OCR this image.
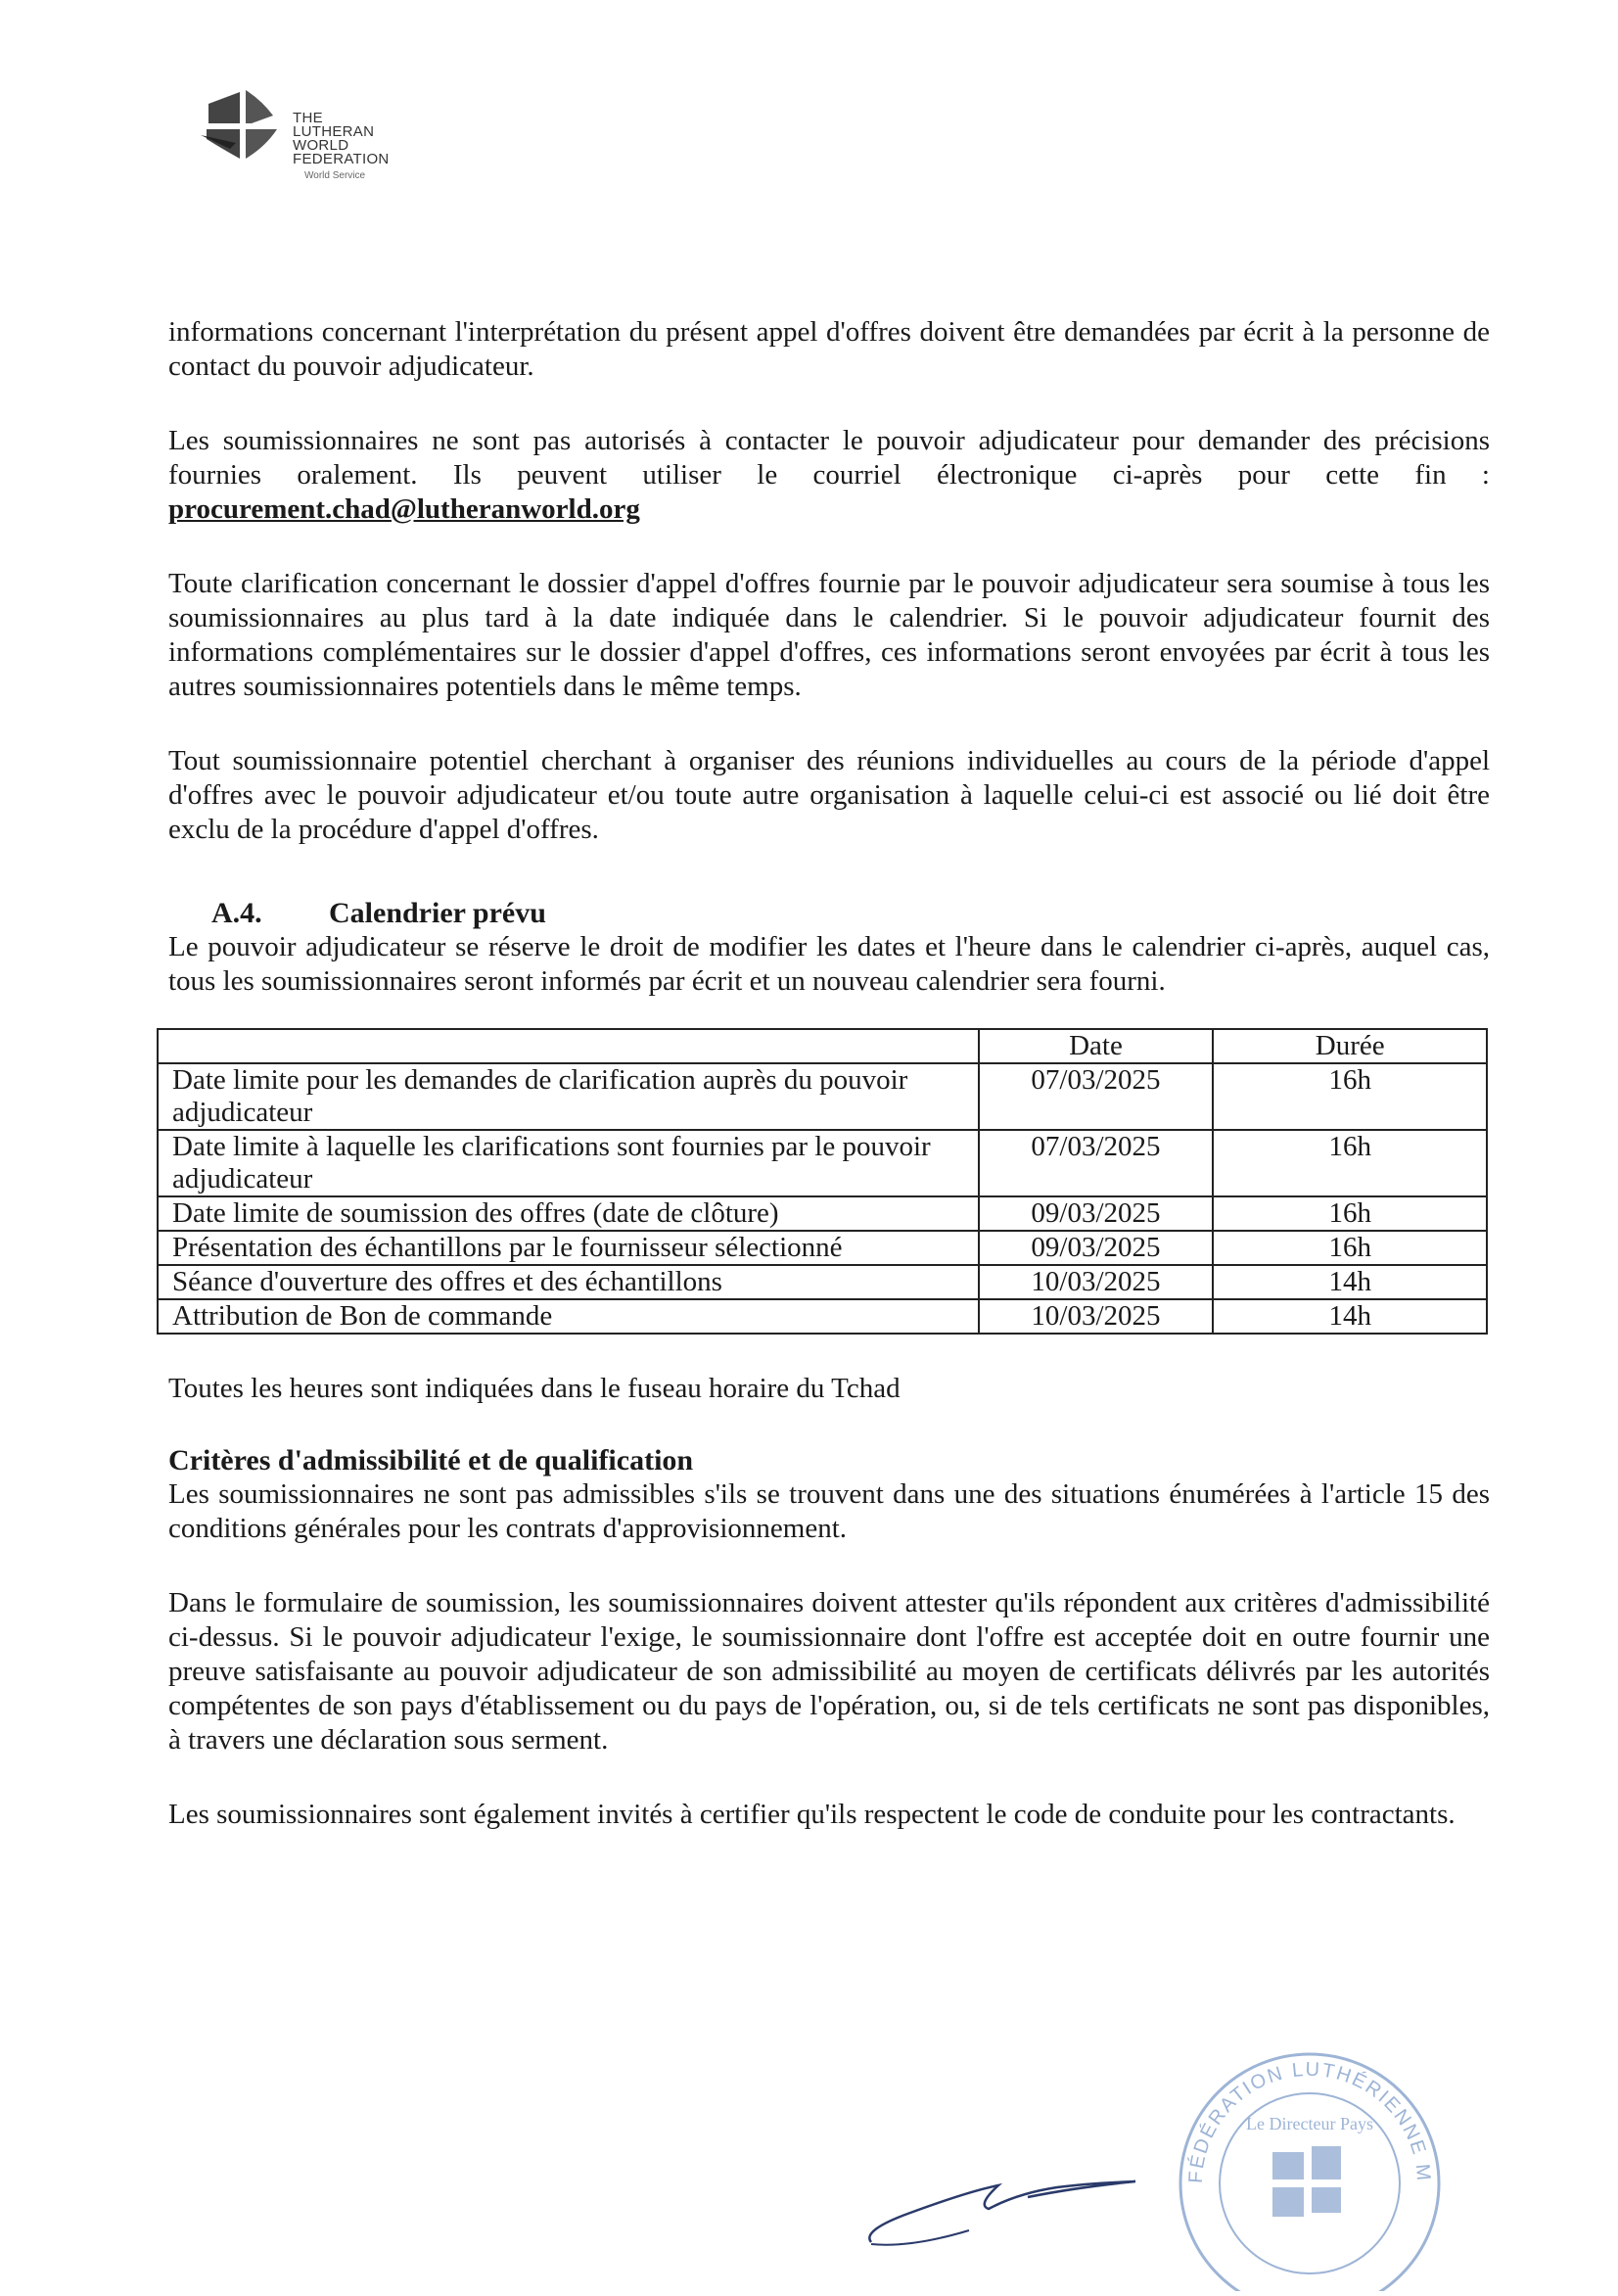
THE
LUTHERAN
WORLD
FEDERATION
World Service

informations concernant l'interprétation du présent appel d'offres doivent être demandées par écrit à la personne de contact du pouvoir adjudicateur.

Les soumissionnaires ne sont pas autorisés à contacter le pouvoir adjudicateur pour demander des précisions fournies oralement. Ils peuvent utiliser le courriel électronique ci-après pour cette fin : procurement.chad@lutheranworld.org

Toute clarification concernant le dossier d'appel d'offres fournie par le pouvoir adjudicateur sera soumise à tous les soumissionnaires au plus tard à la date indiquée dans le calendrier. Si le pouvoir adjudicateur fournit des informations complémentaires sur le dossier d'appel d'offres, ces informations seront envoyées par écrit à tous les autres soumissionnaires potentiels dans le même temps.

Tout soumissionnaire potentiel cherchant à organiser des réunions individuelles au cours de la période d'appel d'offres avec le pouvoir adjudicateur et/ou toute autre organisation à laquelle celui-ci est associé ou lié doit être exclu de la procédure d'appel d'offres.

A.4. Calendrier prévu

Le pouvoir adjudicateur se réserve le droit de modifier les dates et l'heure dans le calendrier ci-après, auquel cas, tous les soumissionnaires seront informés par écrit et un nouveau calendrier sera fourni.

	Date	Durée
Date limite pour les demandes de clarification auprès du pouvoir adjudicateur	07/03/2025	16h
Date limite à laquelle les clarifications sont fournies par le pouvoir adjudicateur	07/03/2025	16h
Date limite de soumission des offres (date de clôture)	09/03/2025	16h
Présentation des échantillons par le fournisseur sélectionné	09/03/2025	16h
Séance d'ouverture des offres et des échantillons	10/03/2025	14h
Attribution de Bon de commande	10/03/2025	14h

Toutes les heures sont indiquées dans le fuseau horaire du Tchad

Critères d'admissibilité et de qualification

Les soumissionnaires ne sont pas admissibles s'ils se trouvent dans une des situations énumérées à l'article 15 des conditions générales pour les contrats d'approvisionnement.

Dans le formulaire de soumission, les soumissionnaires doivent attester qu'ils répondent aux critères d'admissibilité ci-dessus. Si le pouvoir adjudicateur l'exige, le soumissionnaire dont l'offre est acceptée doit en outre fournir une preuve satisfaisante au pouvoir adjudicateur de son admissibilité au moyen de certificats délivrés par les autorités compétentes de son pays d'établissement ou du pays de l'opération, ou, si de tels certificats ne sont pas disponibles, à travers une déclaration sous serment.

Les soumissionnaires sont également invités à certifier qu'ils respectent le code de conduite pour les contractants.

FÉDÉRATION LUTHÉRIENNE M
Le Directeur Pays
